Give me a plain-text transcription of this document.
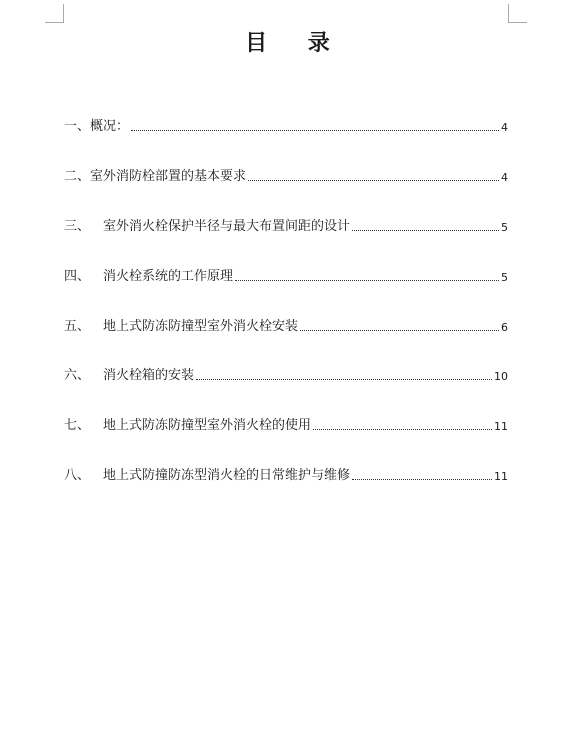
目    录
一、 概况：	4
二、 室外消防栓部置的基本要求	4
三、 室外消火栓保护半径与最大布置间距的设计	5
四、 消火栓系统的工作原理	5
五、 地上式防冻防撞型室外消火栓安装	6
六、 消火栓箱的安装	10
七、 地上式防冻防撞型室外消火栓的使用	11
八、 地上式防撞防冻型消火栓的日常维护与维修	11
